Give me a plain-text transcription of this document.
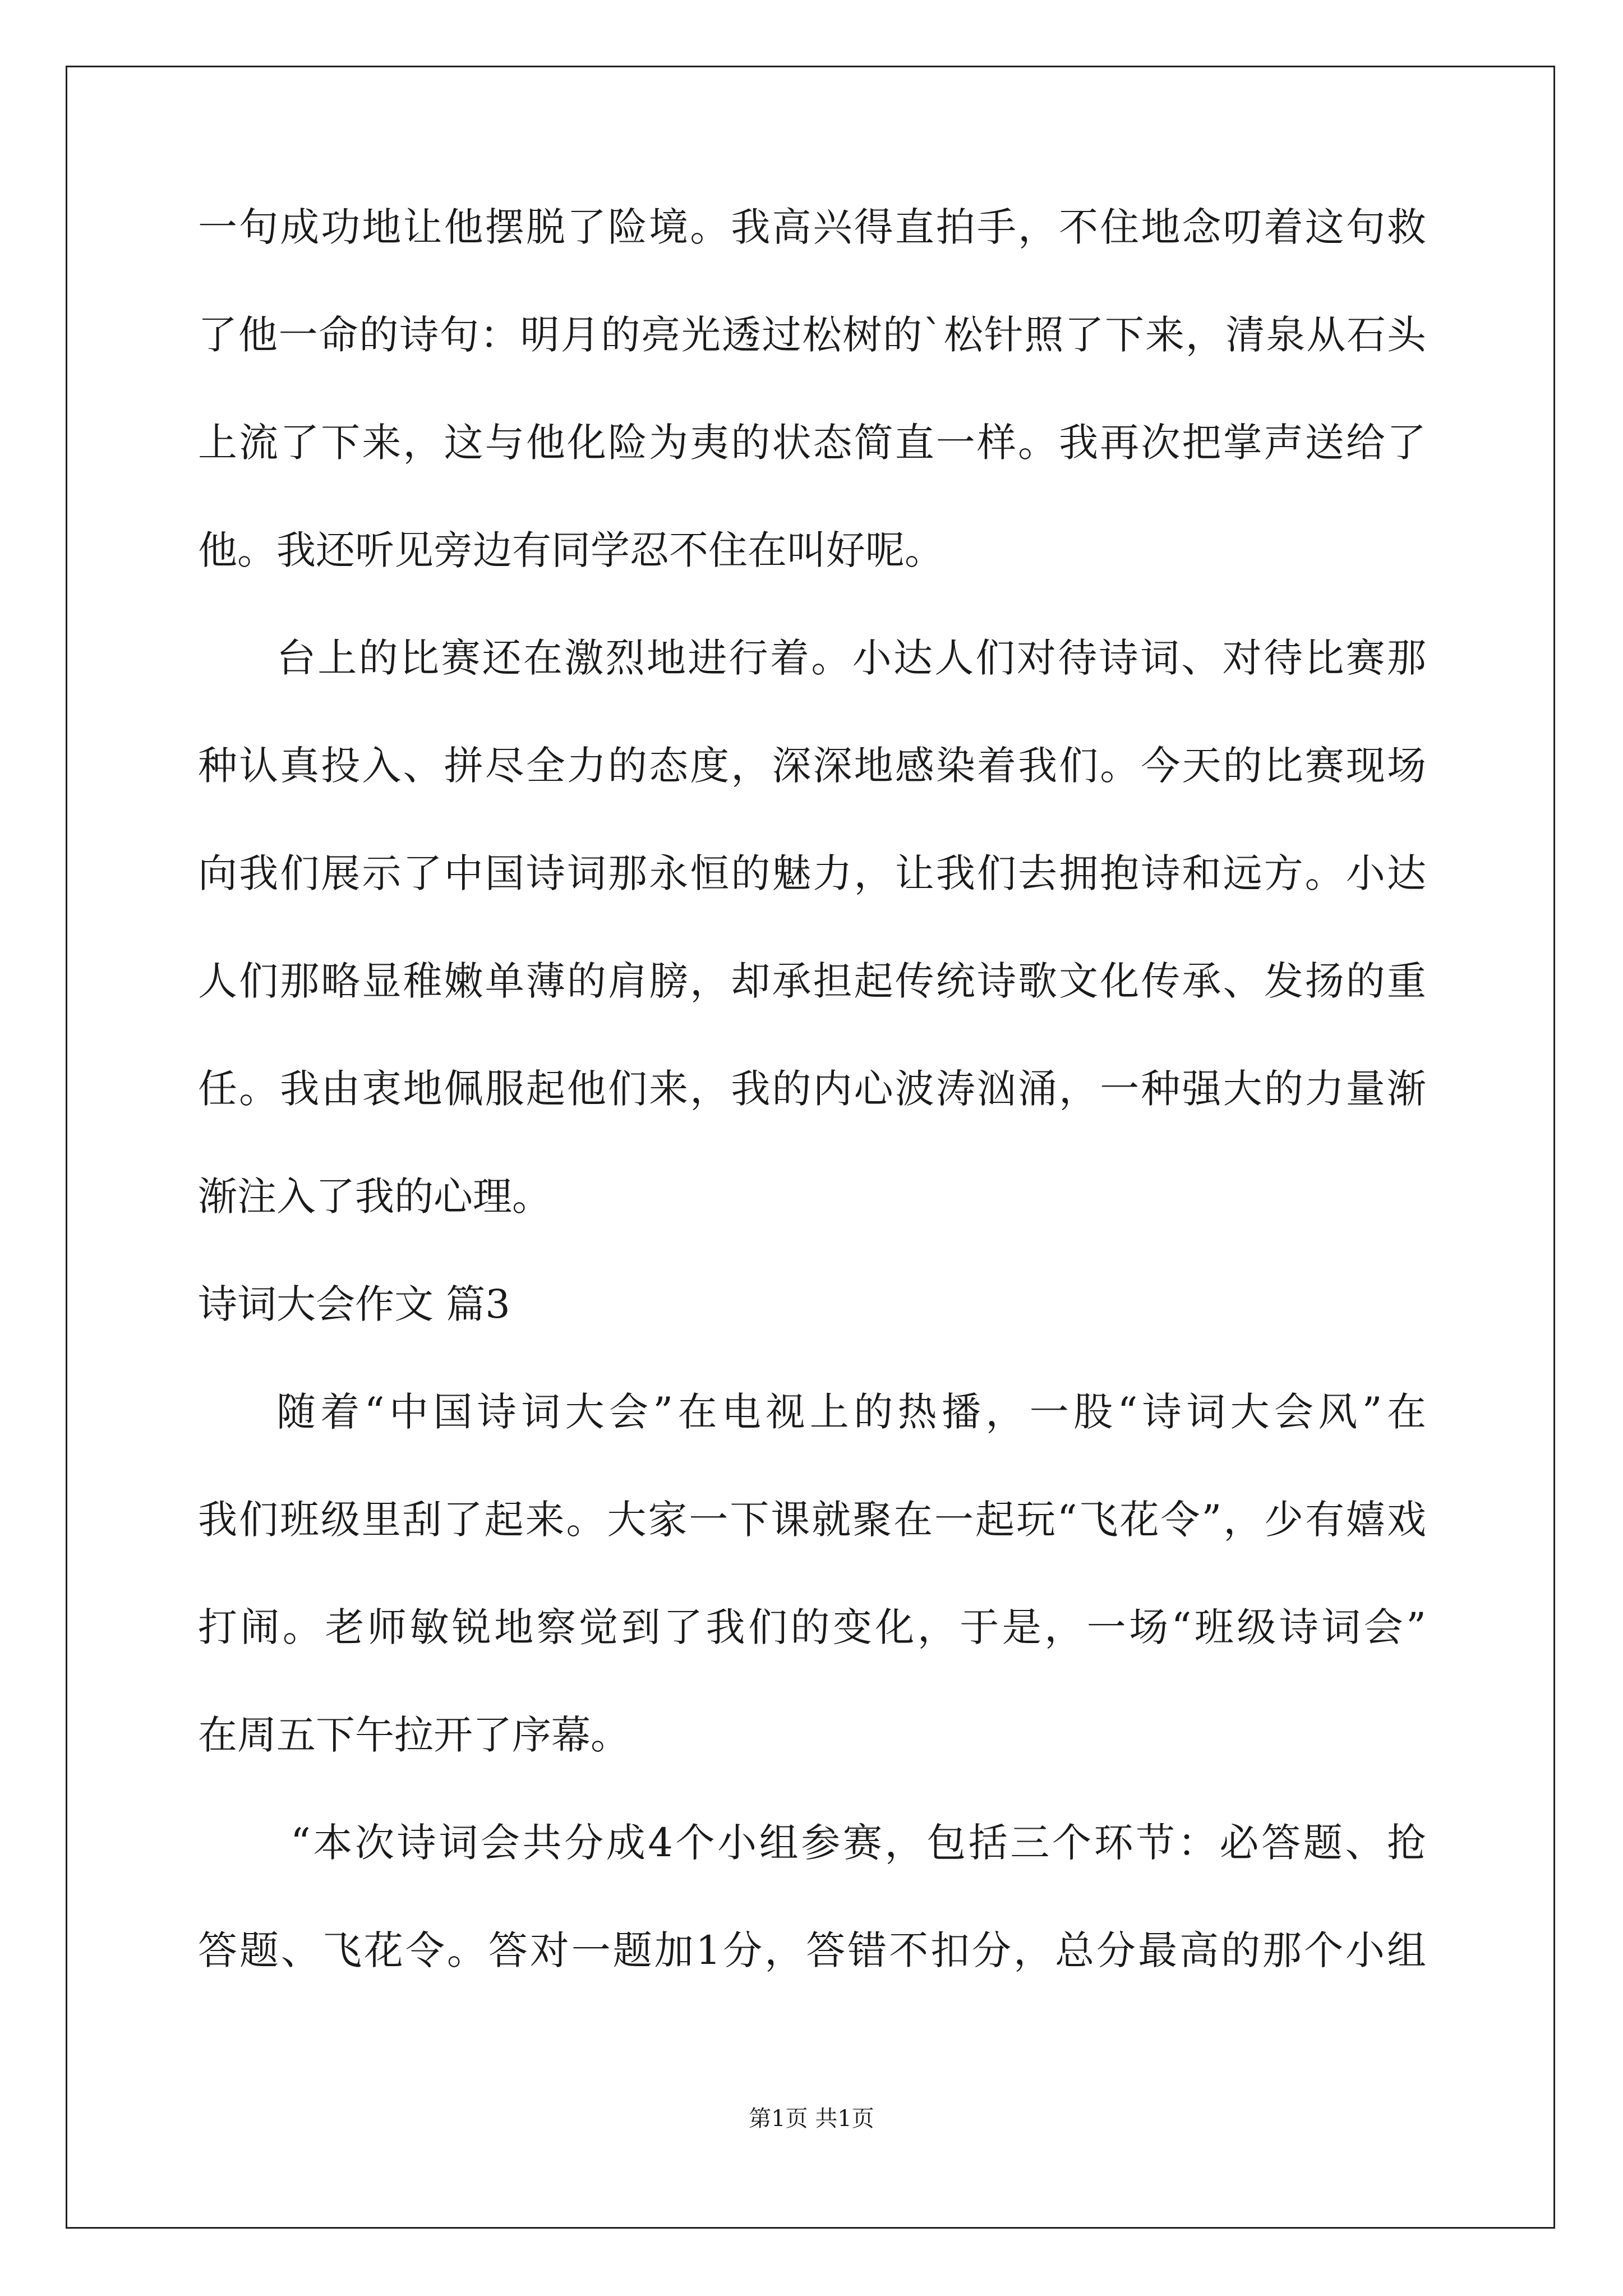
一句成功地让他摆脱了险境。我高兴得直拍手，不住地念叨着这句救
了他一命的诗句：明月的亮光透过松树的`松针照了下来，清泉从石头
上流了下来，这与他化险为夷的状态简直一样。我再次把掌声送给了
他。我还听见旁边有同学忍不住在叫好呢。
台上的比赛还在激烈地进行着。小达人们对待诗词、对待比赛那
种认真投入、拼尽全力的态度，深深地感染着我们。今天的比赛现场
向我们展示了中国诗词那永恒的魅力，让我们去拥抱诗和远方。小达
人们那略显稚嫩单薄的肩膀，却承担起传统诗歌文化传承、发扬的重
任。我由衷地佩服起他们来，我的内心波涛汹涌，一种强大的力量渐
渐注入了我的心理。
诗词大会作文 篇3
随着“中国诗词大会”在电视上的热播，一股“诗词大会风”在
我们班级里刮了起来。大家一下课就聚在一起玩“飞花令”，少有嬉戏
打闹。老师敏锐地察觉到了我们的变化，于是，一场“班级诗词会”
在周五下午拉开了序幕。
“本次诗词会共分成4个小组参赛，包括三个环节：必答题、抢
答题、飞花令。答对一题加1分，答错不扣分，总分最高的那个小组
第1页 共1页
